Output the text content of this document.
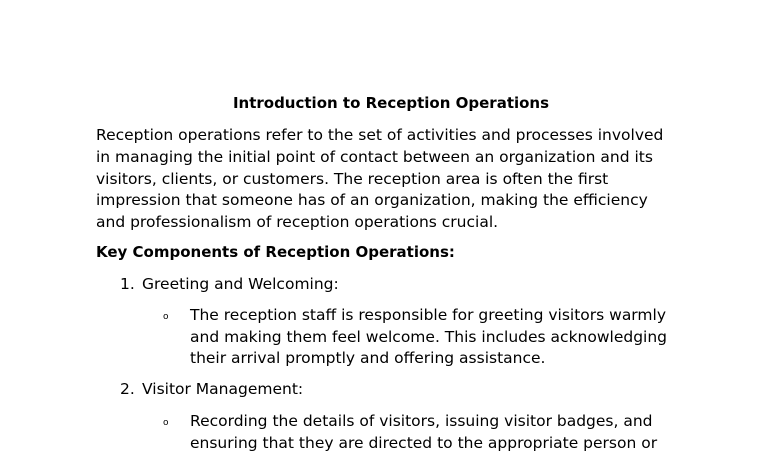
Introduction to Reception Operations
Reception operations refer to the set of activities and processes involved
in managing the initial point of contact between an organization and its
visitors, clients, or customers. The reception area is often the first
impression that someone has of an organization, making the efficiency
and professionalism of reception operations crucial.
Key Components of Reception Operations:
1. Greeting and Welcoming:
o The reception staff is responsible for greeting visitors warmly
and making them feel welcome. This includes acknowledging
their arrival promptly and offering assistance.
2. Visitor Management:
o Recording the details of visitors, issuing visitor badges, and
ensuring that they are directed to the appropriate person or
